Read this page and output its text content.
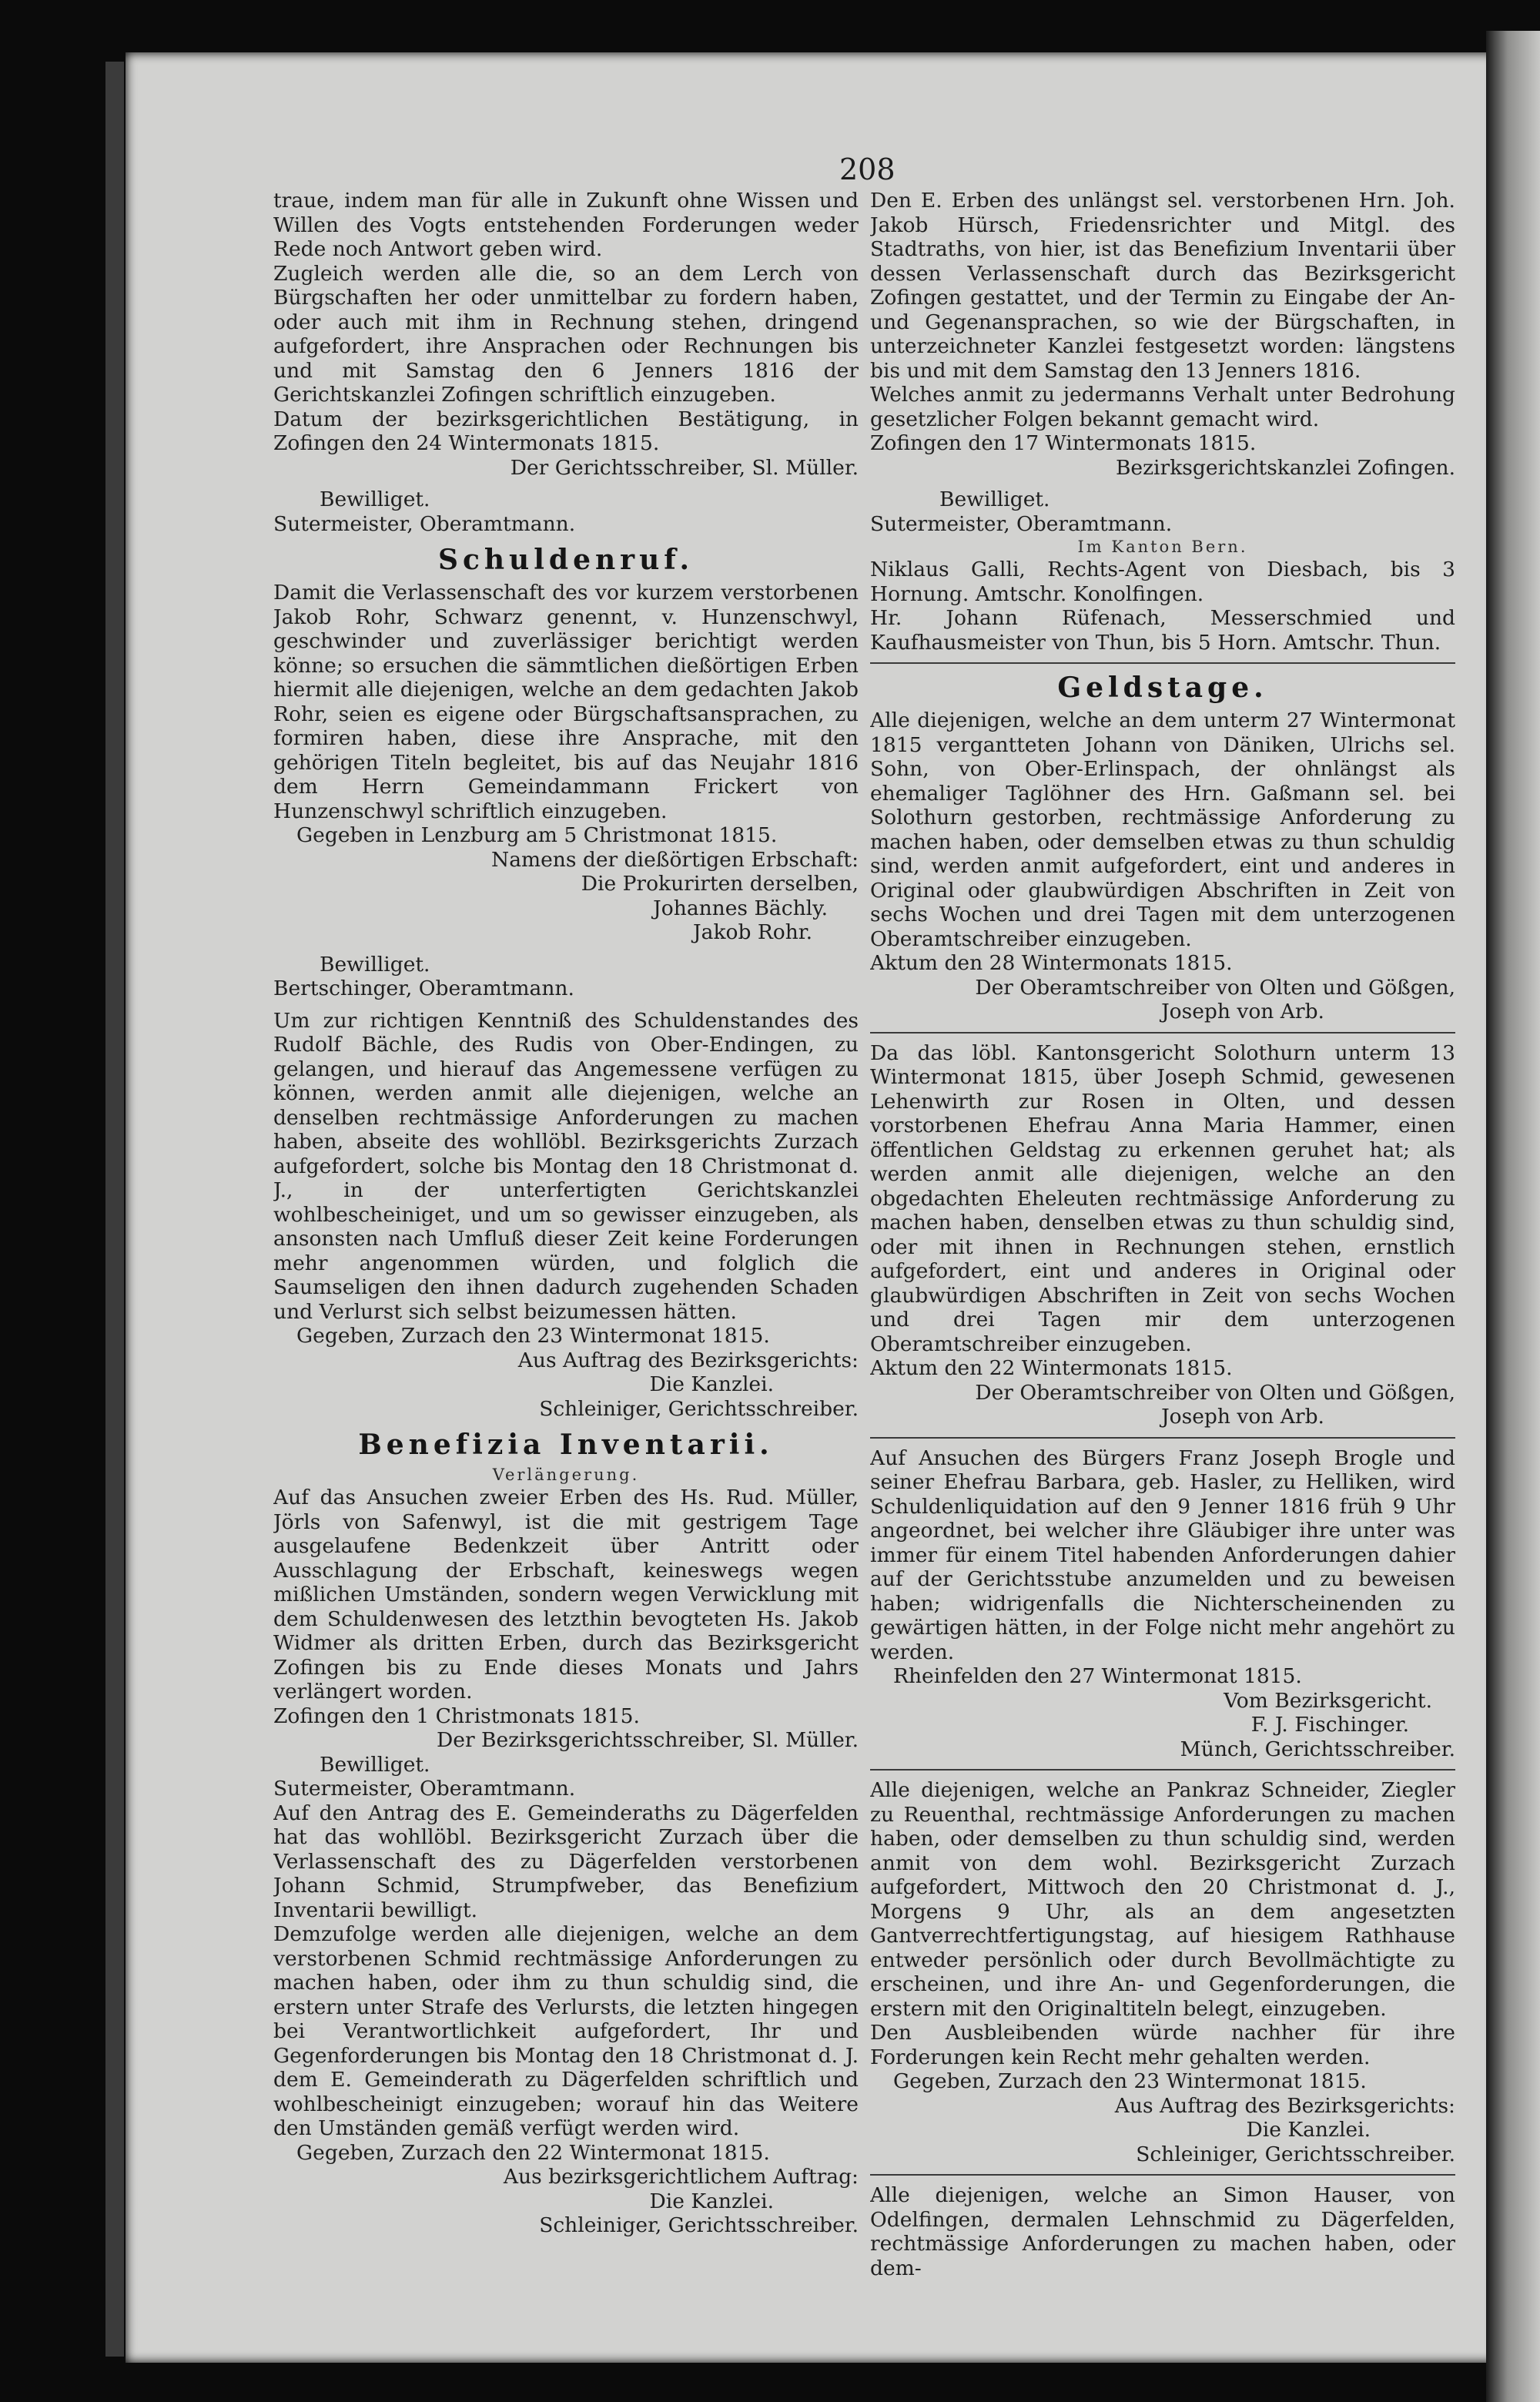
208

traue, indem man für alle in Zukunft ohne Wissen und Willen des Vogts entstehenden Forderungen weder Rede noch Antwort geben wird.

Zugleich werden alle die, so an dem Lerch von Bürgschaften her oder unmittelbar zu fordern haben, oder auch mit ihm in Rechnung stehen, dringend aufgefordert, ihre Ansprachen oder Rechnungen bis und mit Samstag den 6 Jenners 1816 der Gerichtskanzlei Zofingen schriftlich einzugeben.

Datum der bezirksgerichtlichen Bestätigung, in Zofingen den 24 Wintermonats 1815.

Der Gerichtsschreiber, Sl. Müller.

Bewilliget.

Sutermeister, Oberamtmann.

Schuldenruf.

Damit die Verlassenschaft des vor kurzem verstorbenen Jakob Rohr, Schwarz genennt, v. Hunzenschwyl, geschwinder und zuverlässiger berichtigt werden könne; so ersuchen die sämmtlichen dießörtigen Erben hiermit alle diejenigen, welche an dem gedachten Jakob Rohr, seien es eigene oder Bürgschaftsansprachen, zu formiren haben, diese ihre Ansprache, mit den gehörigen Titeln begleitet, bis auf das Neujahr 1816 dem Herrn Gemeindammann Frickert von Hunzenschwyl schriftlich einzugeben.

Gegeben in Lenzburg am 5 Christmonat 1815.

Namens der dießörtigen Erbschaft:

Die Prokurirten derselben,

Johannes Bächly.

Jakob Rohr.

Bewilliget.

Bertschinger, Oberamtmann.

Um zur richtigen Kenntniß des Schuldenstandes des Rudolf Bächle, des Rudis von Ober-Endingen, zu gelangen, und hierauf das Angemessene verfügen zu können, werden anmit alle diejenigen, welche an denselben rechtmässige Anforderungen zu machen haben, abseite des wohllöbl. Bezirksgerichts Zurzach aufgefordert, solche bis Montag den 18 Christmonat d. J., in der unterfertigten Gerichtskanzlei wohlbescheiniget, und um so gewisser einzugeben, als ansonsten nach Umfluß dieser Zeit keine Forderungen mehr angenommen würden, und folglich die Saumseligen den ihnen dadurch zugehenden Schaden und Verlurst sich selbst beizumessen hätten.

Gegeben, Zurzach den 23 Wintermonat 1815.

Aus Auftrag des Bezirksgerichts:

Die Kanzlei.

Schleiniger, Gerichtsschreiber.

Benefizia Inventarii.
Verlängerung.

Auf das Ansuchen zweier Erben des Hs. Rud. Müller, Jörls von Safenwyl, ist die mit gestrigem Tage ausgelaufene Bedenkzeit über Antritt oder Ausschlagung der Erbschaft, keineswegs wegen mißlichen Umständen, sondern wegen Verwicklung mit dem Schuldenwesen des letzthin bevogteten Hs. Jakob Widmer als dritten Erben, durch das Bezirksgericht Zofingen bis zu Ende dieses Monats und Jahrs verlängert worden.

Zofingen den 1 Christmonats 1815.

Der Bezirksgerichtsschreiber, Sl. Müller.

Bewilliget.

Sutermeister, Oberamtmann.

Auf den Antrag des E. Gemeinderaths zu Dägerfelden hat das wohllöbl. Bezirksgericht Zurzach über die Verlassenschaft des zu Dägerfelden verstorbenen Johann Schmid, Strumpfweber, das Benefizium Inventarii bewilligt.

Demzufolge werden alle diejenigen, welche an dem verstorbenen Schmid rechtmässige Anforderungen zu machen haben, oder ihm zu thun schuldig sind, die erstern unter Strafe des Verlursts, die letzten hingegen bei Verantwortlichkeit aufgefordert, Ihr und Gegenforderungen bis Montag den 18 Christmonat d. J. dem E. Gemeinderath zu Dägerfelden schriftlich und wohlbescheinigt einzugeben; worauf hin das Weitere den Umständen gemäß verfügt werden wird.

Gegeben, Zurzach den 22 Wintermonat 1815.

Aus bezirksgerichtlichem Auftrag:

Die Kanzlei.

Schleiniger, Gerichtsschreiber.

Den E. Erben des unlängst sel. verstorbenen Hrn. Joh. Jakob Hürsch, Friedensrichter und Mitgl. des Stadtraths, von hier, ist das Benefizium Inventarii über dessen Verlassenschaft durch das Bezirksgericht Zofingen gestattet, und der Termin zu Eingabe der An- und Gegenansprachen, so wie der Bürgschaften, in unterzeichneter Kanzlei festgesetzt worden: längstens bis und mit dem Samstag den 13 Jenners 1816.

Welches anmit zu jedermanns Verhalt unter Bedrohung gesetzlicher Folgen bekannt gemacht wird.

Zofingen den 17 Wintermonats 1815.

Bezirksgerichtskanzlei Zofingen.

Bewilliget.

Sutermeister, Oberamtmann.

Im Kanton Bern.

Niklaus Galli, Rechts-Agent von Diesbach, bis 3 Hornung. Amtschr. Konolfingen.

Hr. Johann Rüfenach, Messerschmied und Kaufhausmeister von Thun, bis 5 Horn. Amtschr. Thun.

Geldstage.

Alle diejenigen, welche an dem unterm 27 Wintermonat 1815 vergantteten Johann von Däniken, Ulrichs sel. Sohn, von Ober-Erlinspach, der ohnlängst als ehemaliger Taglöhner des Hrn. Gaßmann sel. bei Solothurn gestorben, rechtmässige Anforderung zu machen haben, oder demselben etwas zu thun schuldig sind, werden anmit aufgefordert, eint und anderes in Original oder glaubwürdigen Abschriften in Zeit von sechs Wochen und drei Tagen mit dem unterzogenen Oberamtschreiber einzugeben.

Aktum den 28 Wintermonats 1815.

Der Oberamtschreiber von Olten und Gößgen,

Joseph von Arb.

Da das löbl. Kantonsgericht Solothurn unterm 13 Wintermonat 1815, über Joseph Schmid, gewesenen Lehenwirth zur Rosen in Olten, und dessen vorstorbenen Ehefrau Anna Maria Hammer, einen öffentlichen Geldstag zu erkennen geruhet hat; als werden anmit alle diejenigen, welche an den obgedachten Eheleuten rechtmässige Anforderung zu machen haben, denselben etwas zu thun schuldig sind, oder mit ihnen in Rechnungen stehen, ernstlich aufgefordert, eint und anderes in Original oder glaubwürdigen Abschriften in Zeit von sechs Wochen und drei Tagen mir dem unterzogenen Oberamtschreiber einzugeben.

Aktum den 22 Wintermonats 1815.

Der Oberamtschreiber von Olten und Gößgen,

Joseph von Arb.

Auf Ansuchen des Bürgers Franz Joseph Brogle und seiner Ehefrau Barbara, geb. Hasler, zu Helliken, wird Schuldenliquidation auf den 9 Jenner 1816 früh 9 Uhr angeordnet, bei welcher ihre Gläubiger ihre unter was immer für einem Titel habenden Anforderungen dahier auf der Gerichtsstube anzumelden und zu beweisen haben; widrigenfalls die Nichterscheinenden zu gewärtigen hätten, in der Folge nicht mehr angehört zu werden.

Rheinfelden den 27 Wintermonat 1815.

Vom Bezirksgericht.

F. J. Fischinger.

Münch, Gerichtsschreiber.

Alle diejenigen, welche an Pankraz Schneider, Ziegler zu Reuenthal, rechtmässige Anforderungen zu machen haben, oder demselben zu thun schuldig sind, werden anmit von dem wohl. Bezirksgericht Zurzach aufgefordert, Mittwoch den 20 Christmonat d. J., Morgens 9 Uhr, als an dem angesetzten Gantverrechtfertigungstag, auf hiesigem Rathhause entweder persönlich oder durch Bevollmächtigte zu erscheinen, und ihre An- und Gegenforderungen, die erstern mit den Originaltiteln belegt, einzugeben.

Den Ausbleibenden würde nachher für ihre Forderungen kein Recht mehr gehalten werden.

Gegeben, Zurzach den 23 Wintermonat 1815.

Aus Auftrag des Bezirksgerichts:

Die Kanzlei.

Schleiniger, Gerichtsschreiber.

Alle diejenigen, welche an Simon Hauser, von Odelfingen, dermalen Lehnschmid zu Dägerfelden, rechtmässige Anforderungen zu machen haben, oder dem-
